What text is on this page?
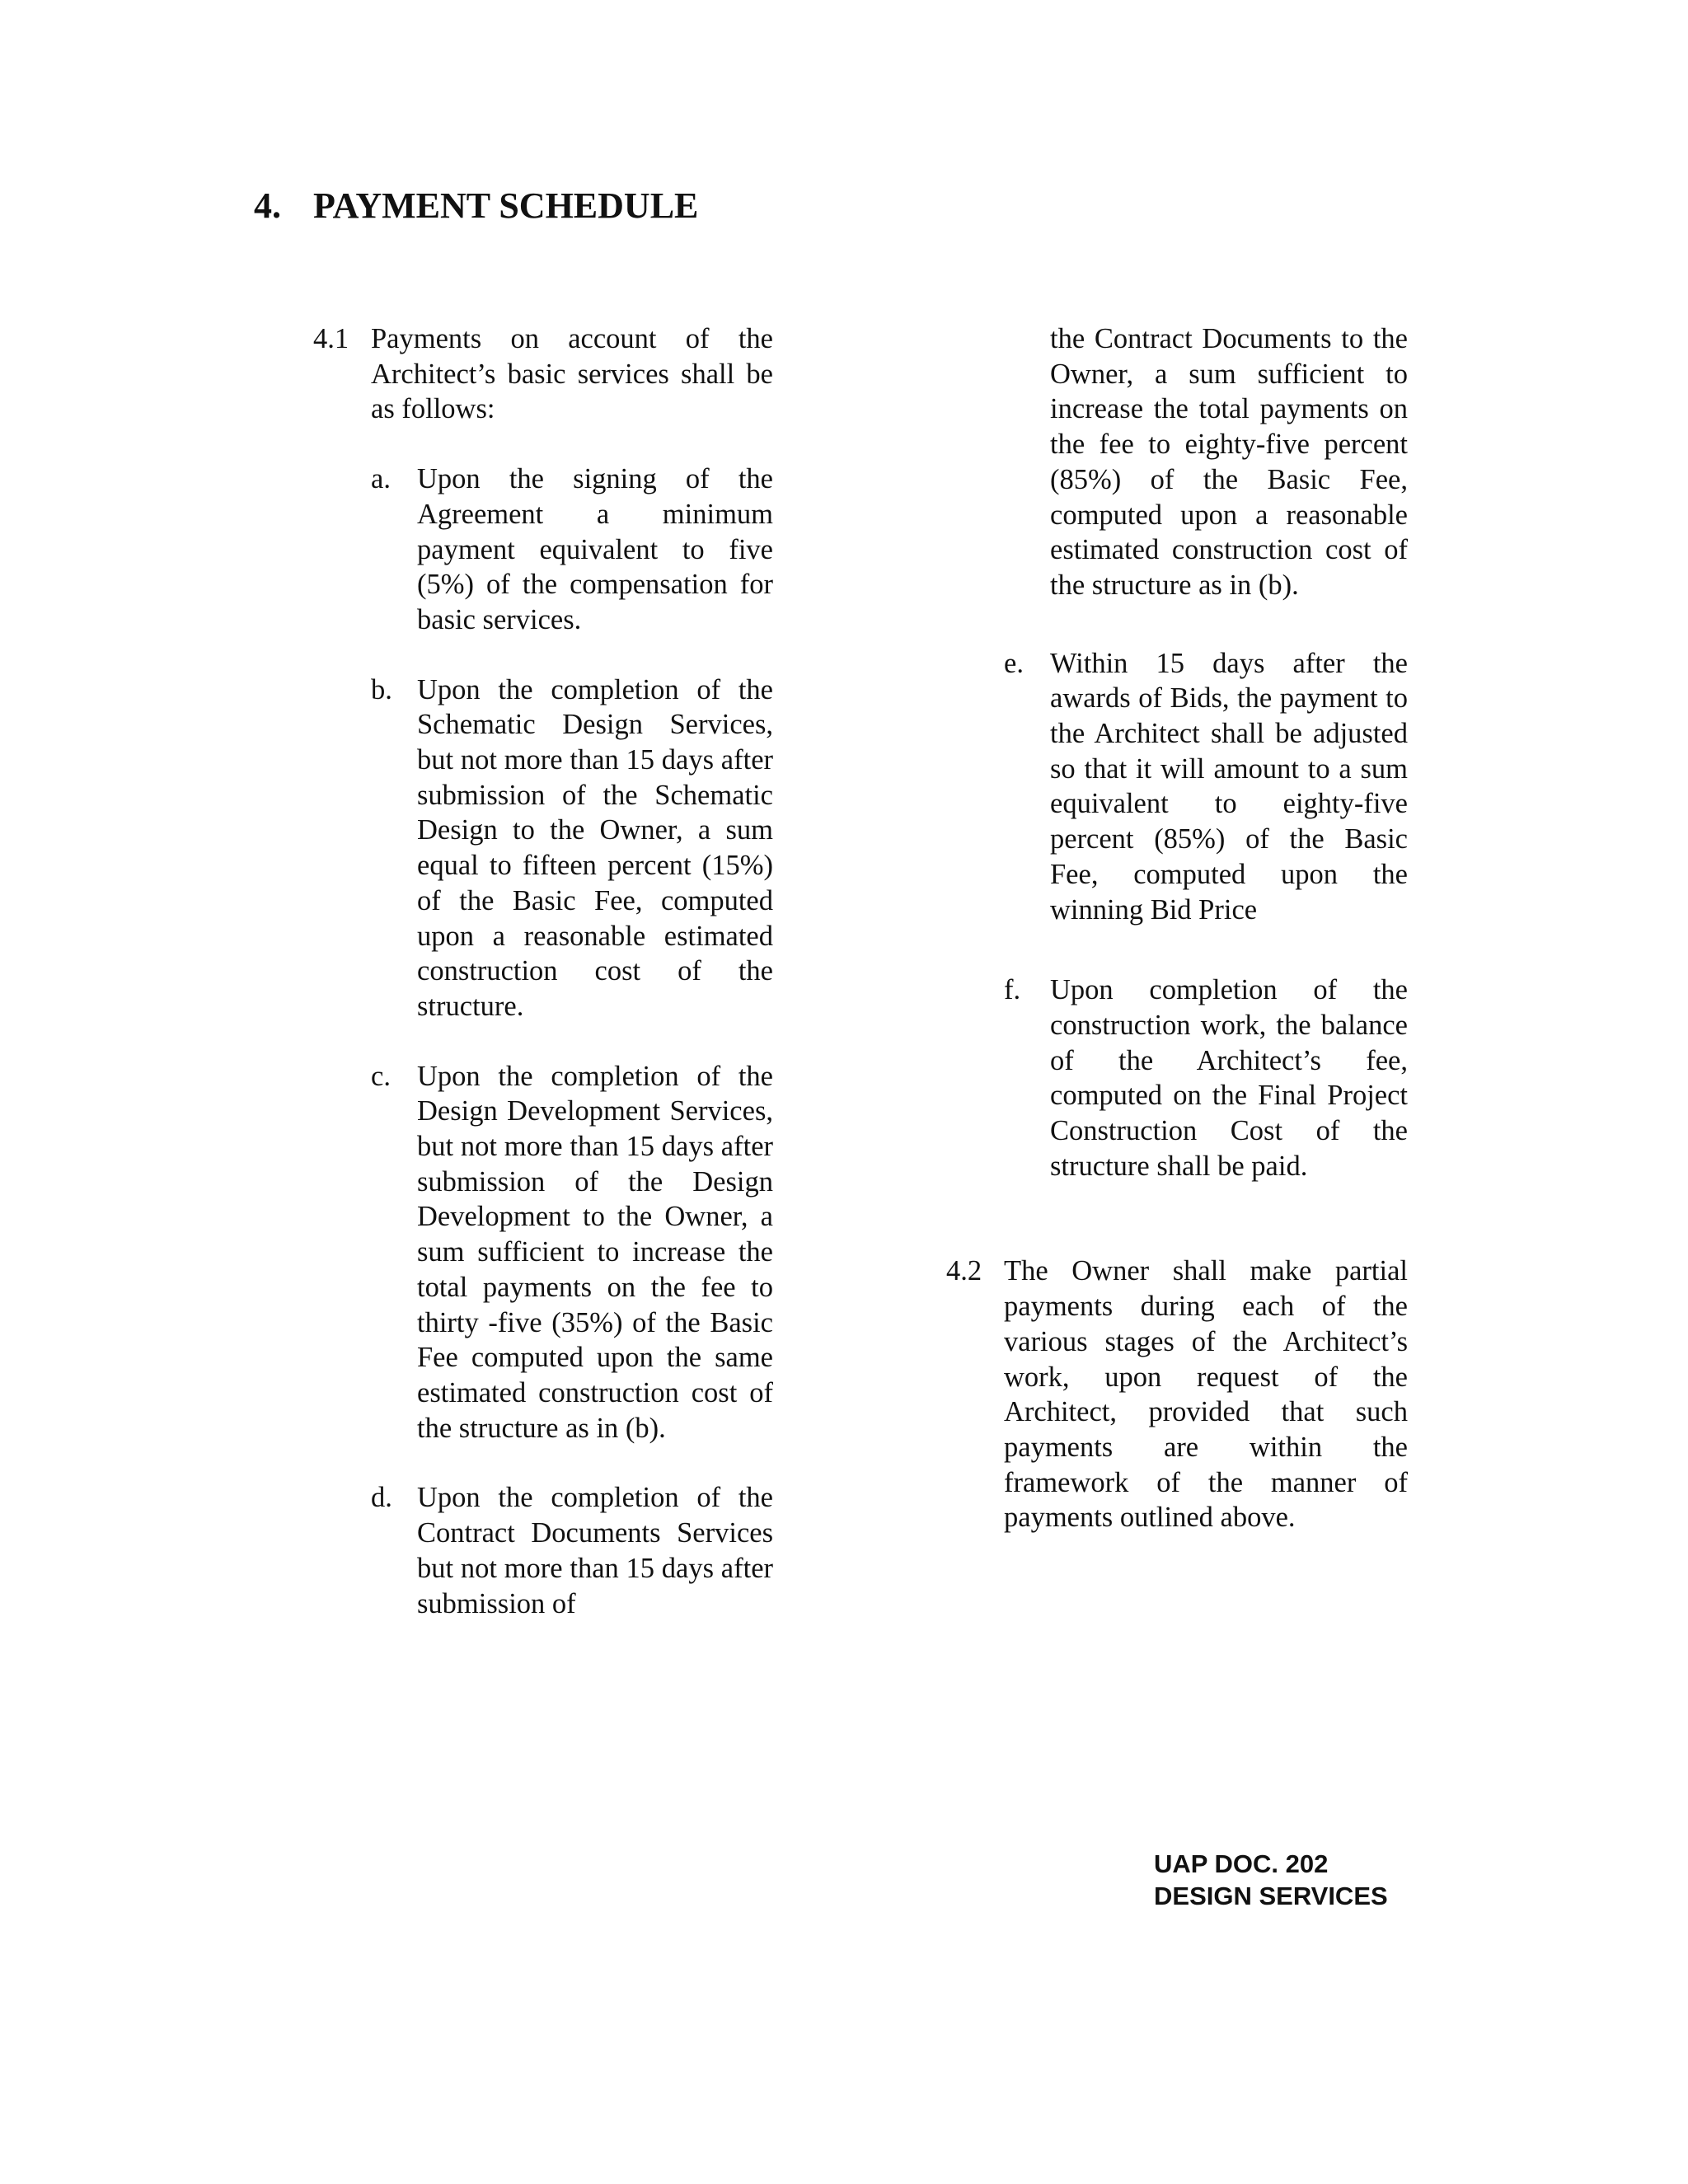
4. PAYMENT SCHEDULE
4.1 Payments on account of the Architect’s basic services shall be as follows:
a. Upon the signing of the Agreement a minimum payment equivalent to five (5%) of the compensation for basic services.
b. Upon the completion of the Schematic Design Services, but not more than 15 days after submission of the Schematic Design to the Owner, a sum equal to fifteen percent (15%) of the Basic Fee, computed upon a reasonable estimated construction cost of the structure.
c. Upon the completion of the Design Development Services, but not more than 15 days after submission of the Design Development to the Owner, a sum sufficient to increase the total payments on the fee to thirty -five (35%) of the Basic Fee computed upon the same estimated construction cost of the structure as in (b).
d. Upon the completion of the Contract Documents Services but not more than 15 days after submission of
the Contract Documents to the Owner, a sum sufficient to increase the total payments on the fee to eighty-five percent (85%) of the Basic Fee, computed upon a reasonable estimated construction cost of the structure as in (b).
e. Within 15 days after the awards of Bids, the payment to the Architect shall be adjusted so that it will amount to a sum equivalent to eighty-five percent (85%) of the Basic Fee, computed upon the winning Bid Price
f. Upon completion of the construction work, the balance of the Architect’s fee, computed on the Final Project Construction Cost of the structure shall be paid.
4.2 The Owner shall make partial payments during each of the various stages of the Architect’s work, upon request of the Architect, provided that such payments are within the framework of the manner of payments outlined above.
UAP DOC. 202
DESIGN SERVICES
